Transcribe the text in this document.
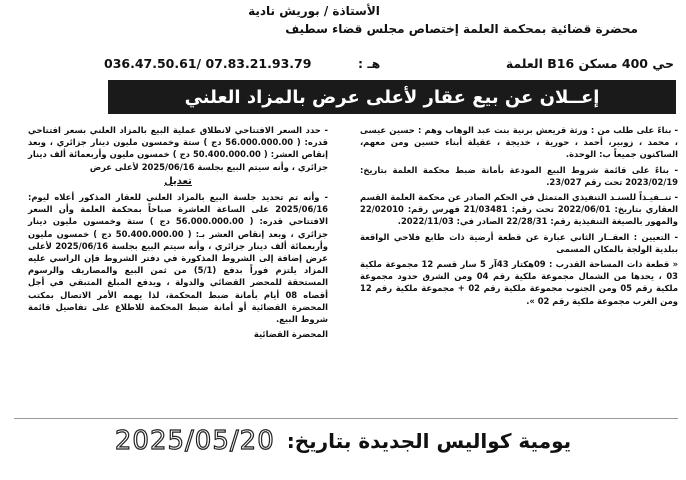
الأستاذة / بوريش نادية
محضرة قضائية بمحكمة العلمة إختصاص مجلس قضاء سطيف
حي 400 مسكن B16 العلمة
هـ :
036.47.50.61/ 07.83.21.93.79
إعــلان عن بيع عقار لأعلى عرض بالمزاد العلني

- بناءً على طلب من : ورثة قريعش برنية بنت عبد الوهاب وهم : حسين عيسى ، محمد ، زوبير، أحمد ، حورية ، خديجة ، عقيلة أبناء حسين ومن معهم، الساكنون جميعاً ب: الوحدة.

- بناءً على قائمة شروط البيع المودعة بأمانة ضبط محكمة العلمة بتاريخ: 2023/02/19 تحت رقم 23/027.

- تنــفيـذاً للسنـد التنفيذي المتمثل في الحكم الصادر عن محكمة العلمة القسم العقاري بتاريخ: 2022/06/01 تحت رقم: 21/03481 فهرس رقم: 22/02010 والمهور بالصيغة التنفيذية رقم: 22/28/31 الصادر في: 2022/11/03.

- التعيين : العقــار الثاني عبارة عن قطعة أرضية ذات طابع فلاحي الواقعة ببلدية الولجة بالمكان المسمى

« قطعة ذات المساحة القدرب : 09هكتار 43آر 5 سار قسم 12 مجموعة ملكية 03 ، يحدها من الشمال مجموعة ملكية رقم 04 ومن الشرق حدود مجموعة ملكية رقم 05 ومن الجنوب مجموعة ملكية رقم 02 + مجموعة ملكية رقم 12 ومن الغرب مجموعة ملكية رقم 02 ».

- حدد السعر الافتتاحي لانطلاق عملية البيع بالمزاد العلني بسعر افتتاحي قدره: ( 56.000.000.00 دج ) ستة وخمسون مليون دينار جزائري ، وبعد إنقاص العشر: ( 50.400.000.00 دج ) خمسون مليون وأربعمائة ألف دينار جزائري ، وأنه سيتم البيع بجلسة 2025/06/16 لأعلى عرض

تعديل

- وأنه تم تحديد جلسة البيع بالمزاد العلني للعقار المذكور أعلاه ليوم: 2025/06/16 على الساعة العاشرة صباحاً بمحكمة العلمة وأن السعر الافتتاحي قدره: ( 56.000.000.00 دج ) ستة وخمسون مليون دينار جزائري ، وبعد إنقاص العشر بـ: ( 50.400.000.00 دج ) خمسون مليون وأربعمائة ألف دينار جزائري ، وأنه سيتم البيع بجلسة 2025/06/16 لأعلى عرض إضافة إلى الشروط المذكورة في دفتر الشروط فإن الراسي عليه المزاد يلتزم فوراً بدفع (5/1) من ثمن البيع والمصاريف والرسوم المستحقة للمحضر القضائي والدولة ، ويدفع المبلغ المتبقي في أجل أقصاه 08 أيام بأمانة ضبط المحكمة، لذا يهمه الأمر الاتصال بمكتب المحضرة القضائية أو أمانة ضبط المحكمة للاطلاع على تفاصيل قائمة شروط البيع.

المحضرة القضائية
يومية كواليس الجديدة بتاريخ:
2025/05/20
